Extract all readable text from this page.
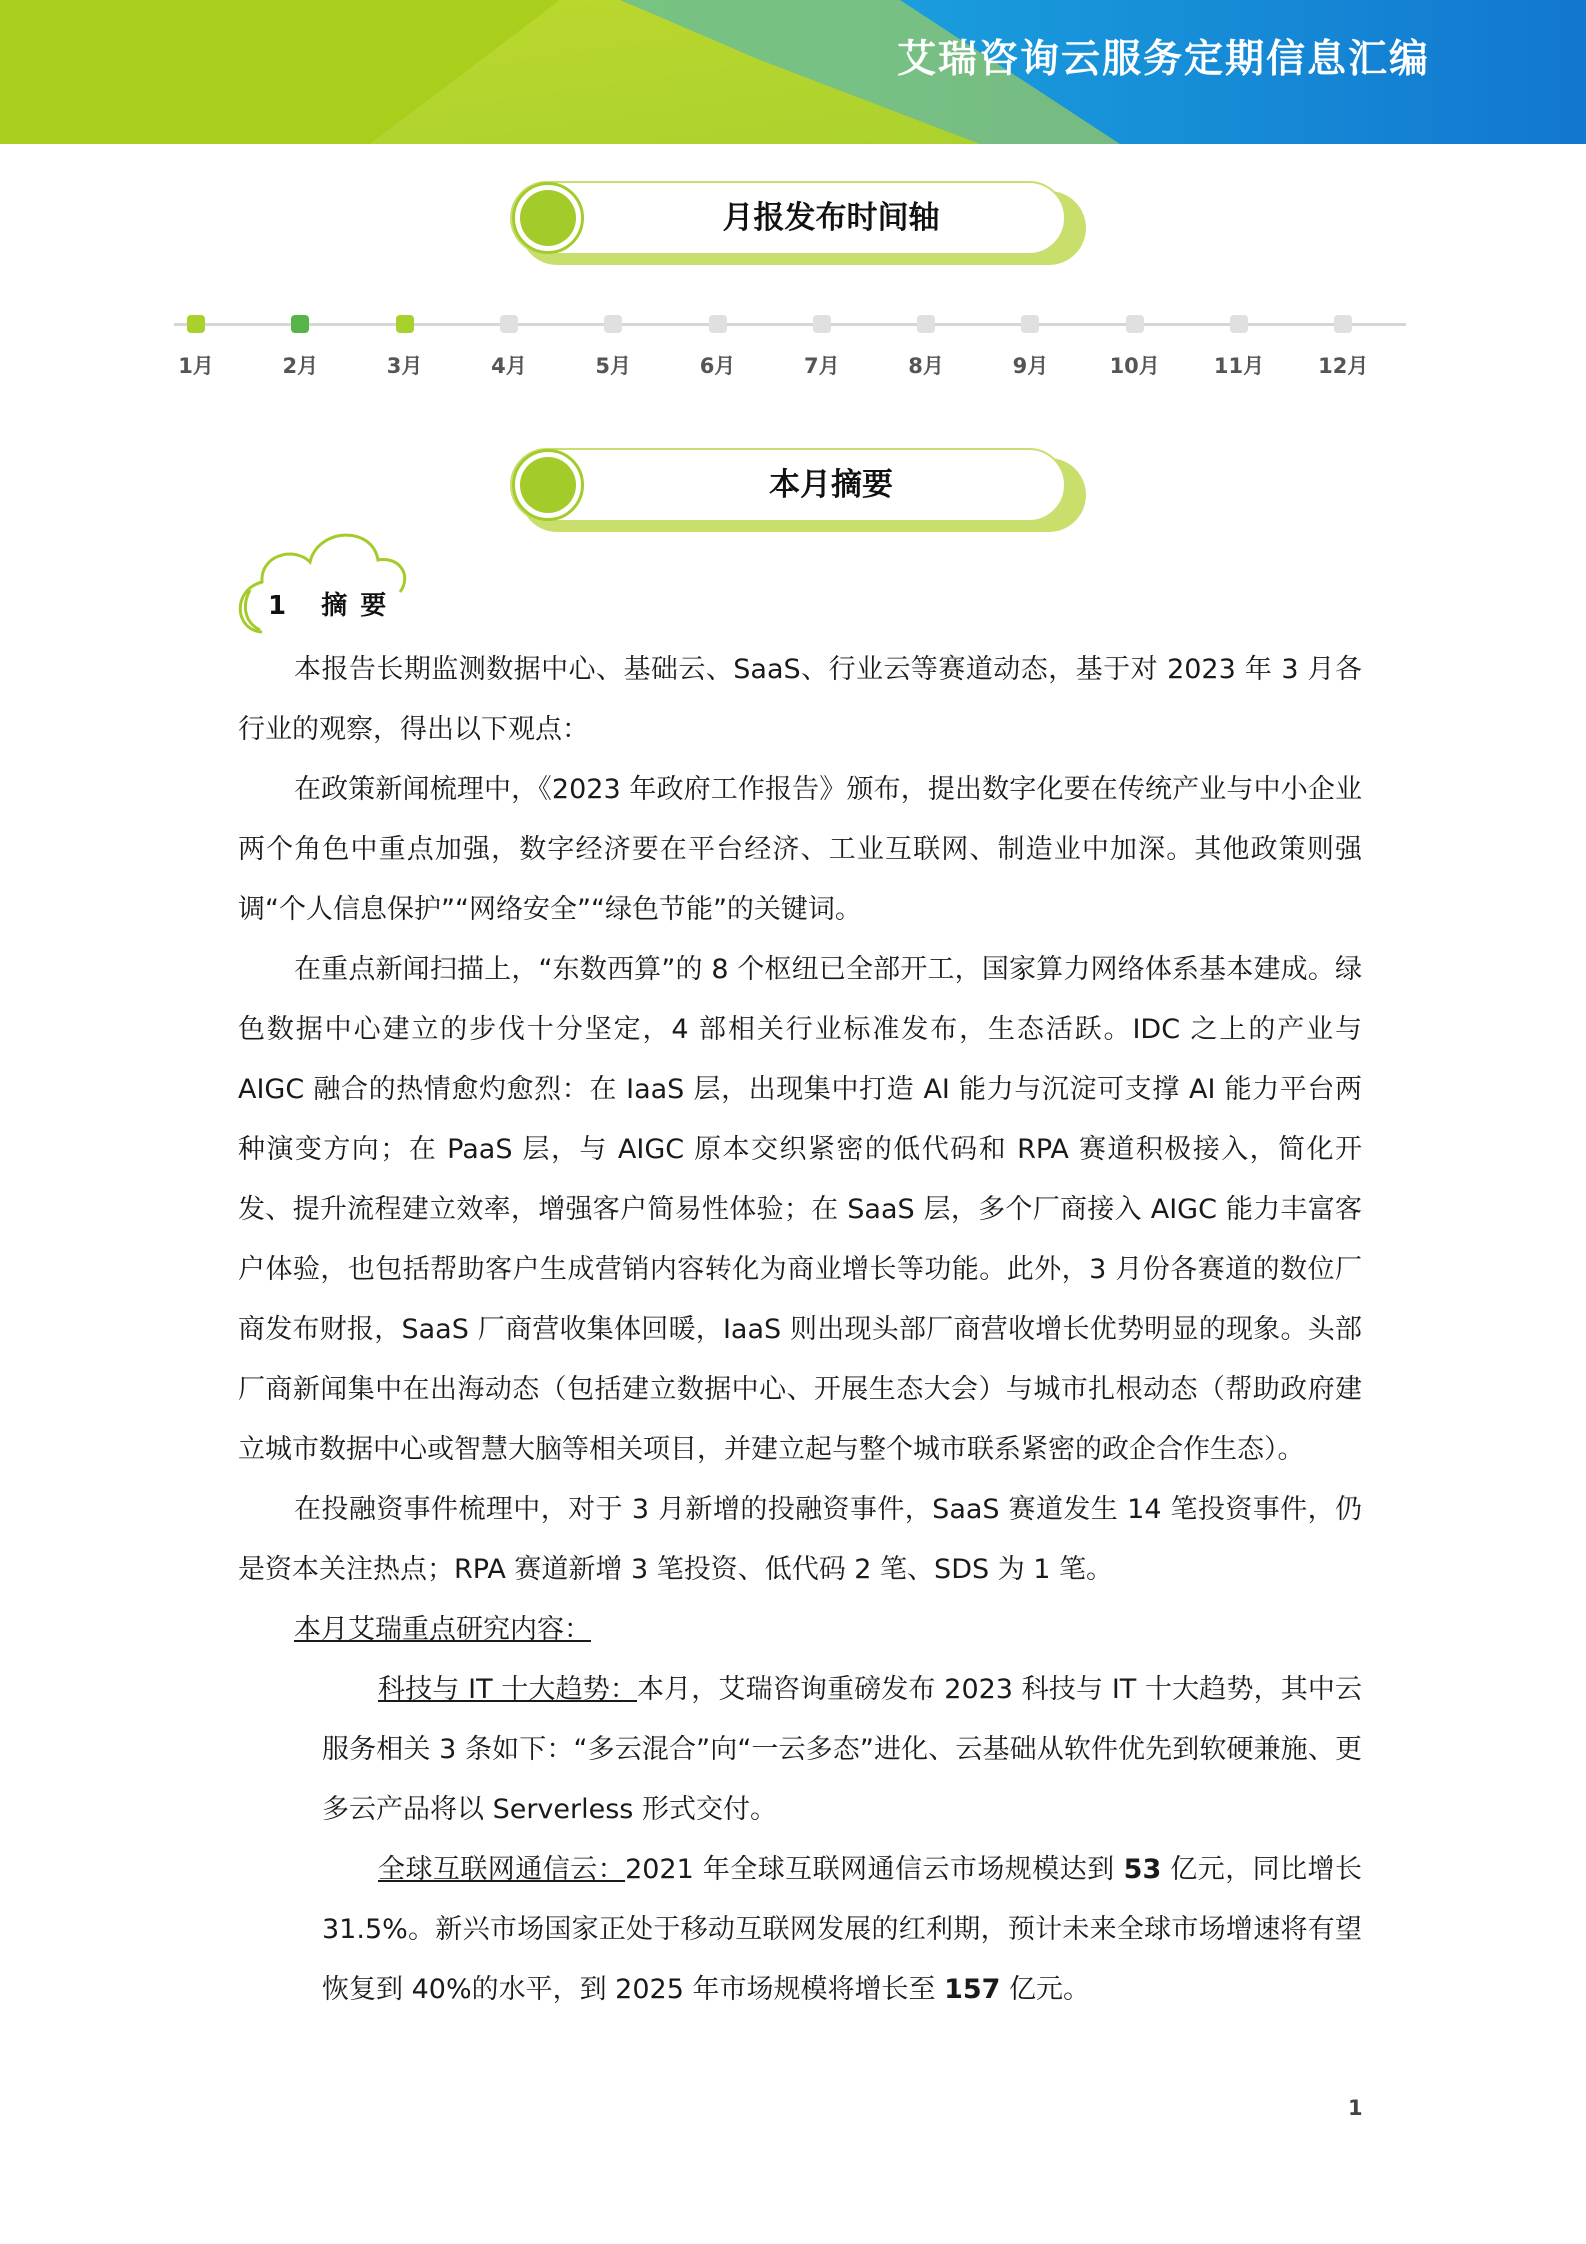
艾瑞咨询云服务定期信息汇编
月报发布时间轴
1月	2月	3月	4月	5月	6月	7月	8月	9月	10月	11月	12月
本月摘要
1 摘 要

本报告长期监测数据中心、基础云、SaaS、行业云等赛道动态，基于对 2023 年 3 月各行业的观察，得出以下观点：

在政策新闻梳理中，《2023 年政府工作报告》颁布，提出数字化要在传统产业与中小企业两个角色中重点加强，数字经济要在平台经济、工业互联网、制造业中加深。其他政策则强调“个人信息保护”“网络安全”“绿色节能”的关键词。

在重点新闻扫描上，“东数西算”的 8 个枢纽已全部开工，国家算力网络体系基本建成。绿色数据中心建立的步伐十分坚定，4 部相关行业标准发布，生态活跃。IDC 之上的产业与 AIGC 融合的热情愈灼愈烈：在 IaaS 层，出现集中打造 AI 能力与沉淀可支撑 AI 能力平台两种演变方向；在 PaaS 层，与 AIGC 原本交织紧密的低代码和 RPA 赛道积极接入，简化开发、提升流程建立效率，增强客户简易性体验；在 SaaS 层，多个厂商接入 AIGC 能力丰富客户体验，也包括帮助客户生成营销内容转化为商业增长等功能。此外，3 月份各赛道的数位厂商发布财报，SaaS 厂商营收集体回暖，IaaS 则出现头部厂商营收增长优势明显的现象。头部厂商新闻集中在出海动态（包括建立数据中心、开展生态大会）与城市扎根动态（帮助政府建立城市数据中心或智慧大脑等相关项目，并建立起与整个城市联系紧密的政企合作生态）。

在投融资事件梳理中，对于 3 月新增的投融资事件，SaaS 赛道发生 14 笔投资事件，仍是资本关注热点；RPA 赛道新增 3 笔投资、低代码 2 笔、SDS 为 1 笔。

本月艾瑞重点研究内容：

科技与 IT 十大趋势：本月，艾瑞咨询重磅发布 2023 科技与 IT 十大趋势，其中云服务相关 3 条如下：“多云混合”向“一云多态”进化、云基础从软件优先到软硬兼施、更多云产品将以 Serverless 形式交付。

全球互联网通信云：2021 年全球互联网通信云市场规模达到 53 亿元，同比增长 31.5%。新兴市场国家正处于移动互联网发展的红利期，预计未来全球市场增速将有望恢复到 40%的水平，到 2025 年市场规模将增长至 157 亿元。

1
